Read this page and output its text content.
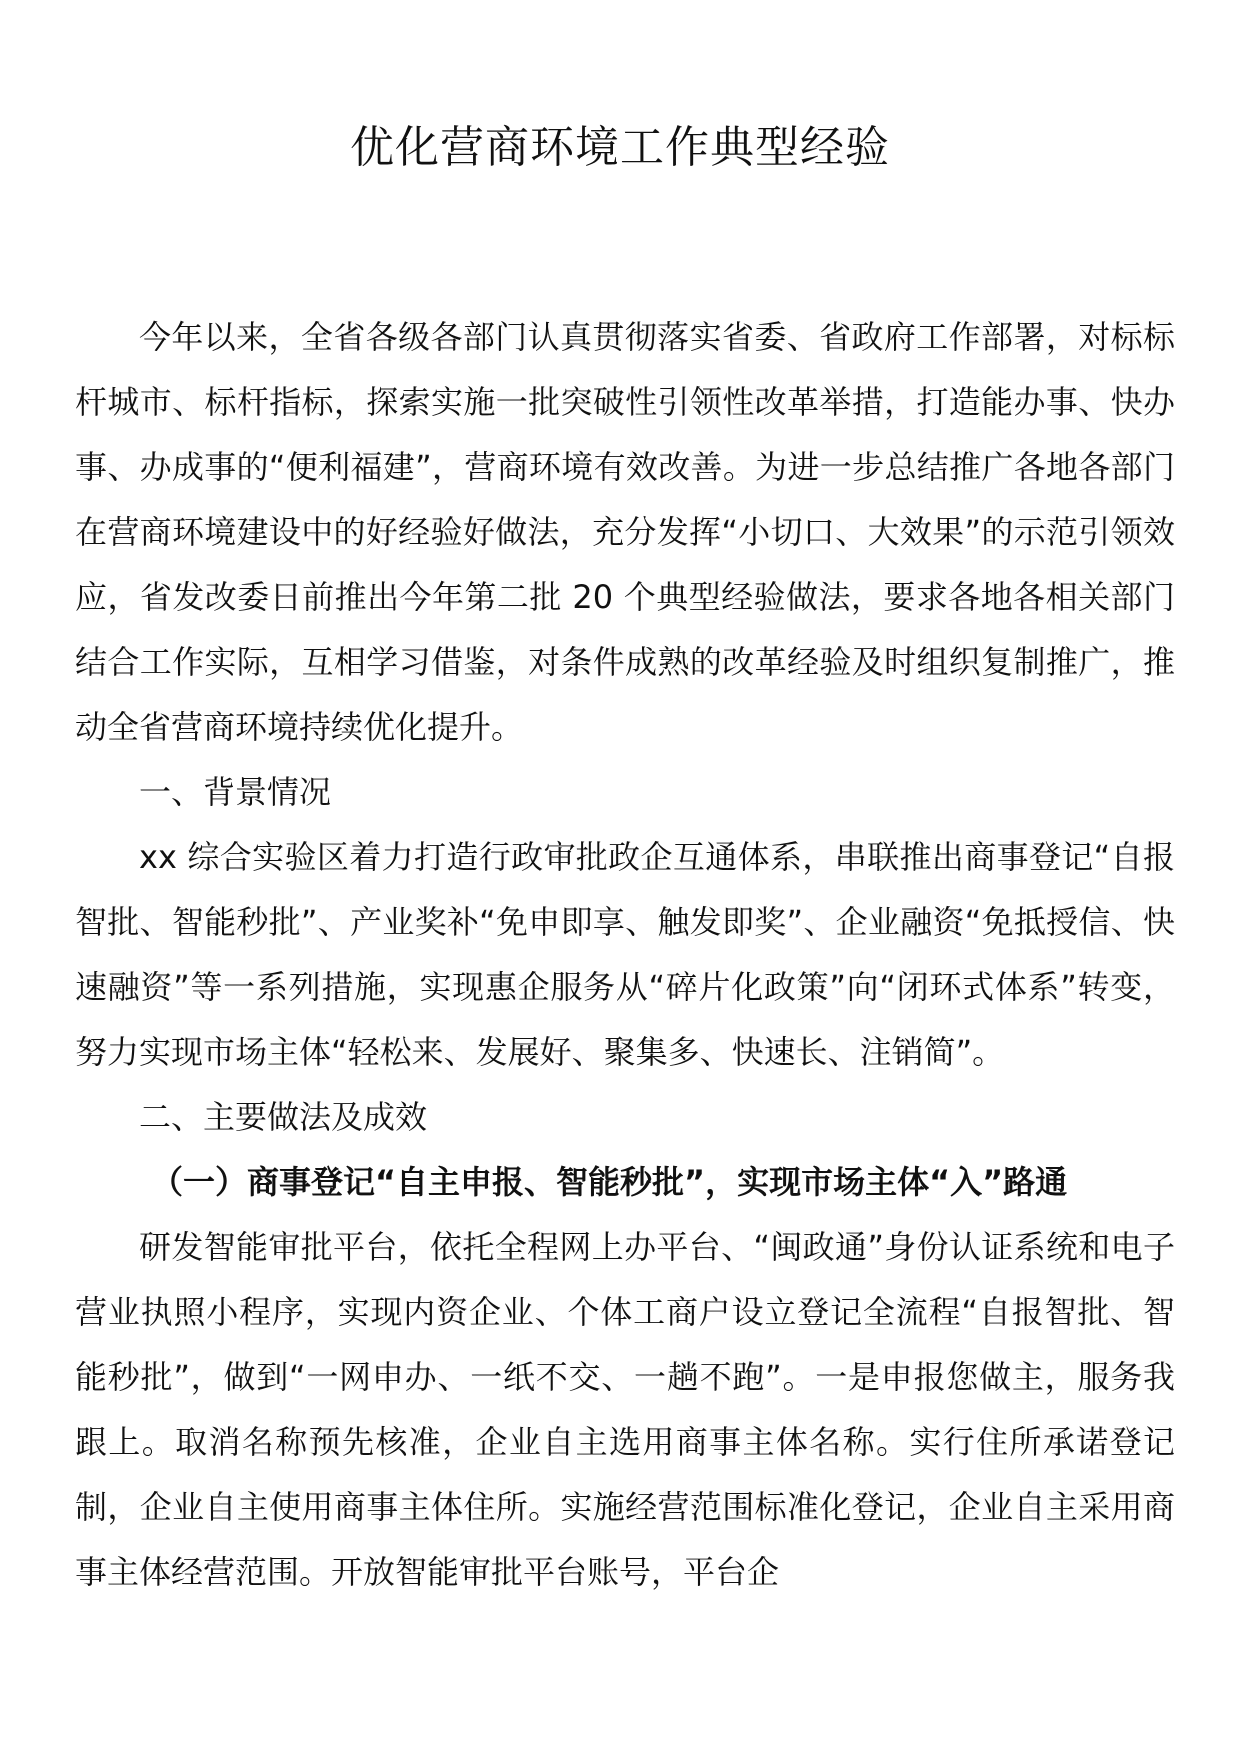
优化营商环境工作典型经验

今年以来，全省各级各部门认真贯彻落实省委、省政府工作部署，对标标杆城市、标杆指标，探索实施一批突破性引领性改革举措，打造能办事、快办事、办成事的“便利福建”，营商环境有效改善。为进一步总结推广各地各部门在营商环境建设中的好经验好做法，充分发挥“小切口、大效果”的示范引领效应，省发改委日前推出今年第二批 20 个典型经验做法，要求各地各相关部门结合工作实际，互相学习借鉴，对条件成熟的改革经验及时组织复制推广，推动全省营商环境持续优化提升。

一、背景情况

xx 综合实验区着力打造行政审批政企互通体系，串联推出商事登记“自报智批、智能秒批”、产业奖补“免申即享、触发即奖”、企业融资“免抵授信、快速融资”等一系列措施，实现惠企服务从“碎片化政策”向“闭环式体系”转变，努力实现市场主体“轻松来、发展好、聚集多、快速长、注销简”。

二、主要做法及成效

（一）商事登记“自主申报、智能秒批”，实现市场主体“入”路通

研发智能审批平台，依托全程网上办平台、“闽政通”身份认证系统和电子营业执照小程序，实现内资企业、个体工商户设立登记全流程“自报智批、智能秒批”，做到“一网申办、一纸不交、一趟不跑”。一是申报您做主，服务我跟上。取消名称预先核准，企业自主选用商事主体名称。实行住所承诺登记制，企业自主使用商事主体住所。实施经营范围标准化登记，企业自主采用商事主体经营范围。开放智能审批平台账号，平台企
